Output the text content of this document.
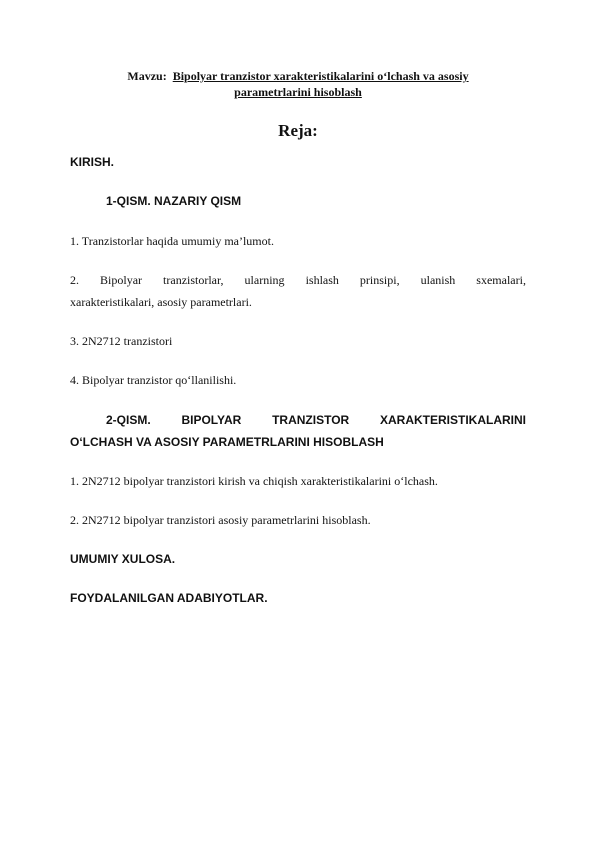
Mavzu: Bipolyar tranzistor xarakteristikalarini o‘lchash va asosiy
parametrlarini hisoblash
Reja:
KIRISH.
1-QISM. NAZARIY QISM
1. Tranzistorlar haqida umumiy ma’lumot.
2. Bipolyar tranzistorlar, ularning ishlash prinsipi, ulanish sxemalari,
xarakteristikalari, asosiy parametrlari.
3. 2N2712 tranzistori
4. Bipolyar tranzistor qo‘llanilishi.
2-QISM.	BIPOLYAR	TRANZISTOR	XARAKTERISTIKALARINI
O‘LCHASH VA ASOSIY PARAMETRLARINI HISOBLASH
1. 2N2712 bipolyar tranzistori kirish va chiqish xarakteristikalarini o‘lchash.
2. 2N2712 bipolyar tranzistori asosiy parametrlarini hisoblash.
UMUMIY XULOSA.
FOYDALANILGAN ADABIYOTLAR.
